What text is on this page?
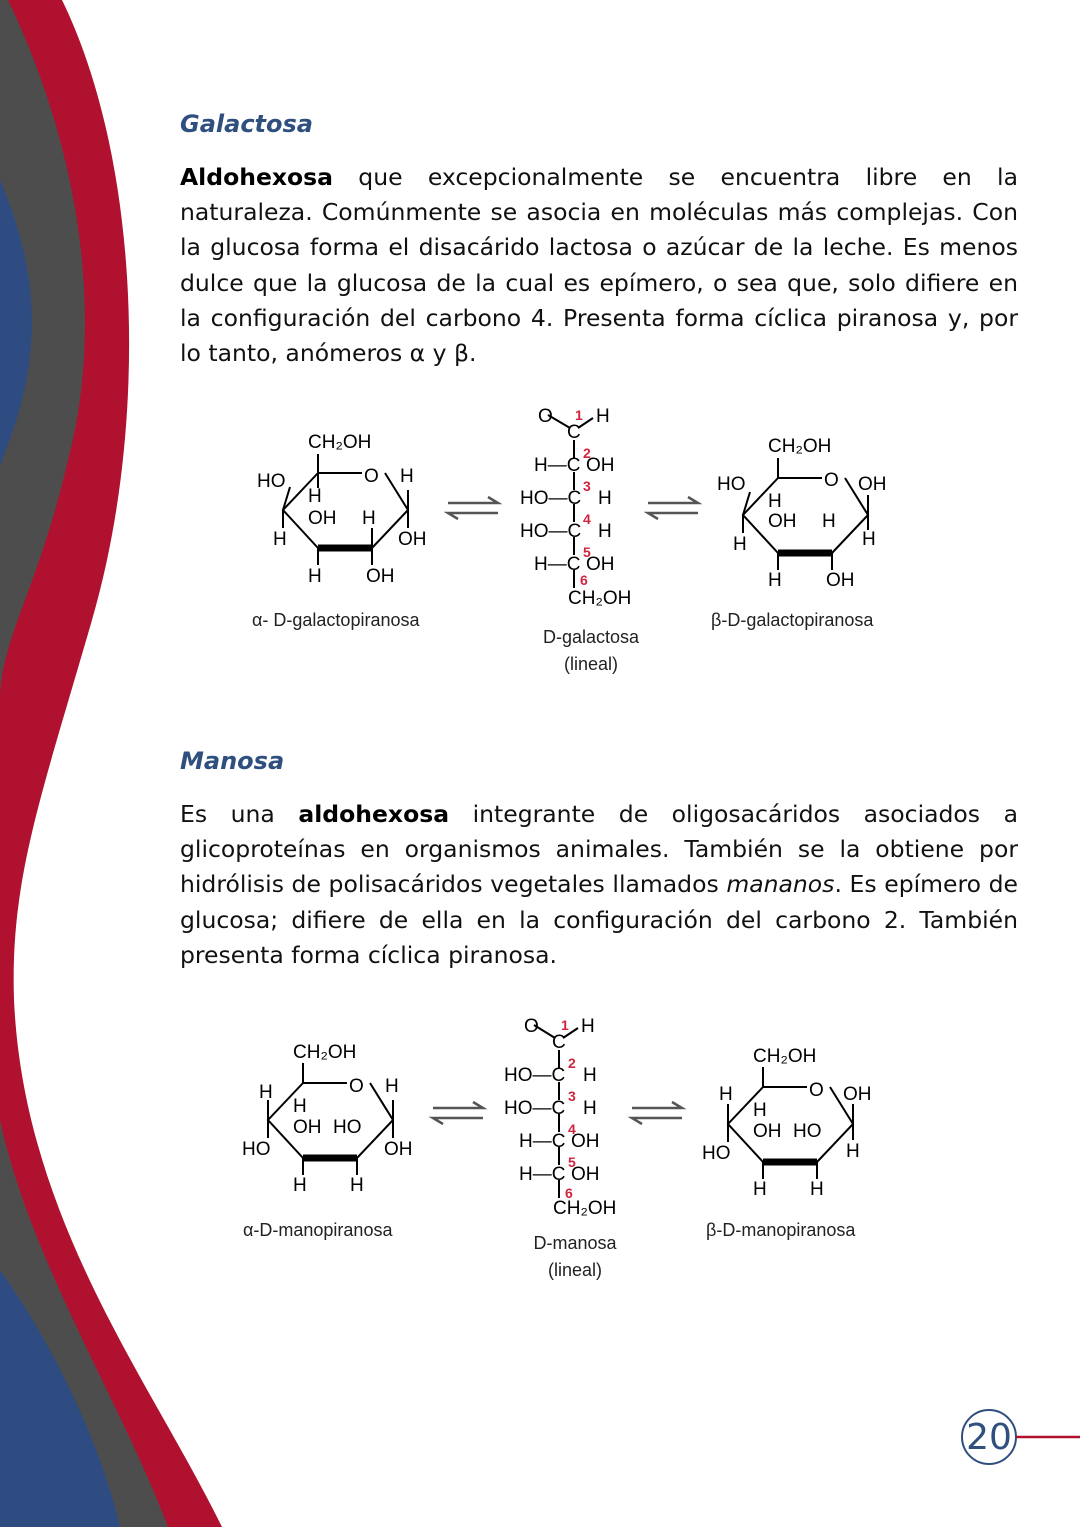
Galactosa

Aldohexosa que excepcionalmente se encuentra libre en la naturaleza. Comúnmente se asocia en moléculas más complejas. Con la glucosa forma el disacárido lactosa o azúcar de la leche. Es menos dulce que la glucosa de la cual es epímero, o sea que, solo difiere en la configuración del carbono 4. Presenta forma cíclica piranosa y, por lo tanto, anómeros α y β.

CH₂OH
HO	O H
H
OH H
H	OH
H OH
α- D-galactopiranosa
O H
C
H—C OH
HO—C H
HO—C H
H—C OH
CH₂OH
1
2
3
4
5
6
D-galactosa
(lineal)
CH₂OH
HO	O OH
H
OH H
H	H
H OH
β-D-galactopiranosa
Manosa

Es una aldohexosa integrante de oligosacáridos asociados a glicoproteínas en organismos animales. También se la obtiene por hidrólisis de polisacáridos vegetales llamados mananos. Es epímero de glucosa; difiere de ella en la configuración del carbono 2. También presenta forma cíclica piranosa.

CH₂OH
H	O H
H
OH HO
HO	OH
H H
α-D-manopiranosa
O H
C
HO—C H
HO—C H
H—C OH
H—C OH
CH₂OH
1
2
3
4
5
6
D-manosa
(lineal)
CH₂OH
H	O OH
H
OH HO
HO	H
H H
β-D-manopiranosa
20
